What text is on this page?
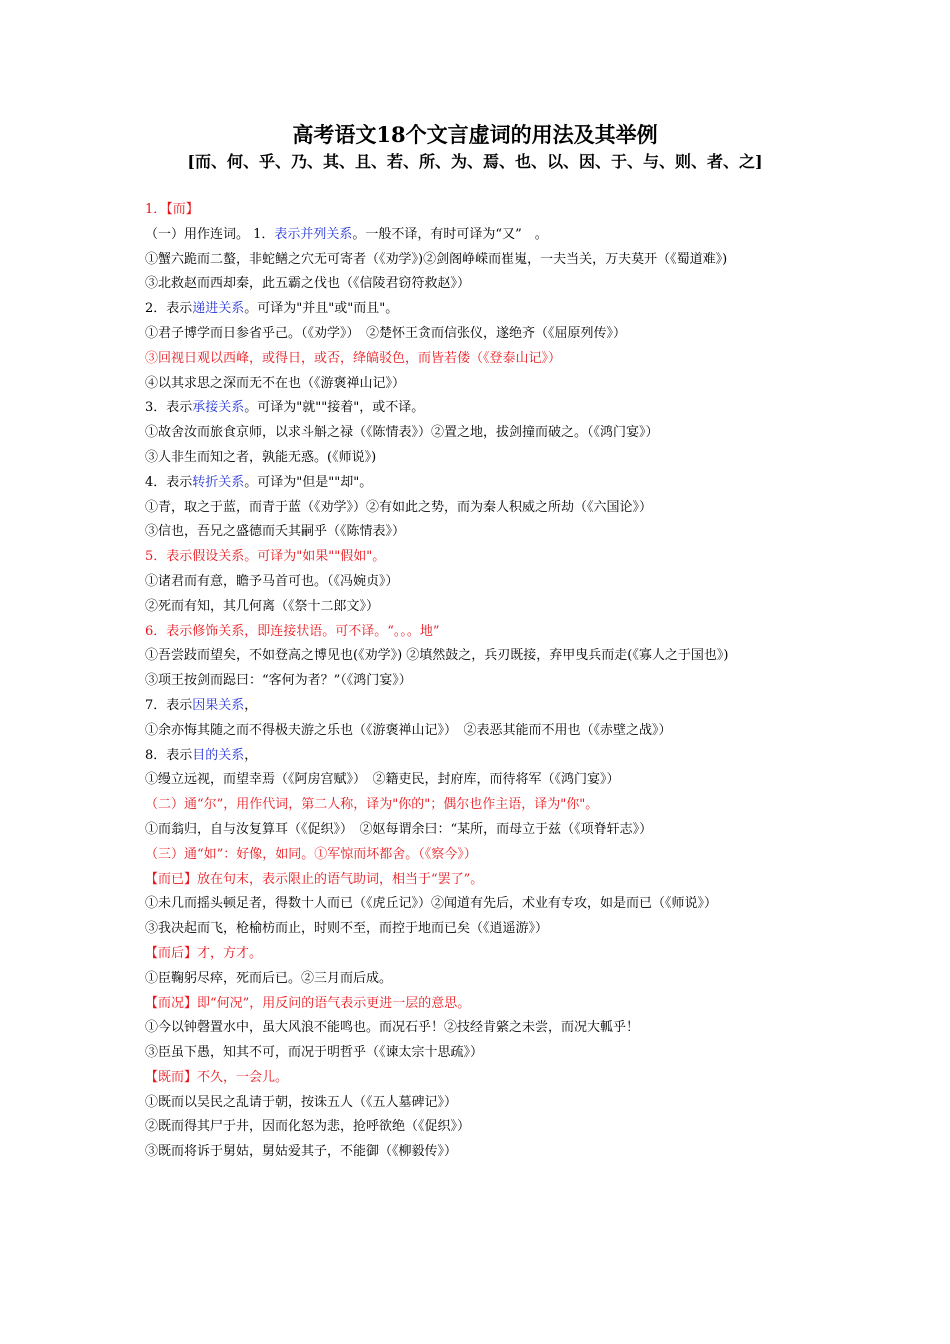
高考语文18个文言虚词的用法及其举例
[而、何、乎、乃、其、且、若、所、为、焉、也、以、因、于、与、则、者、之]
1．【而】
（一）用作连词。 1．表示并列关系。一般不译，有时可译为“又”　。
①蟹六跪而二螯，非蛇鳝之穴无可寄者（《劝学》)②剑阁峥嵘而崔嵬，一夫当关，万夫莫开（《蜀道难》)
③北救赵而西却秦，此五霸之伐也（《信陵君窃符救赵》）
2．表示递进关系。可译为"并且"或"而且"。
①君子博学而日参省乎己。（《劝学》）　②楚怀王贪而信张仪，遂绝齐（《屈原列传》）
③回视日观以西峰，或得日，或否，绛皜驳色，而皆若偻（《登泰山记》）
④以其求思之深而无不在也（《游褒禅山记》）
3．表示承接关系。可译为"就""接着"，或不译。
①故舍汝而旅食京师，以求斗斛之禄（《陈情表》）②置之地，拔剑撞而破之。（《鸿门宴》）
③人非生而知之者，孰能无惑。(《师说》)
4．表示转折关系。可译为"但是""却"。
①青，取之于蓝，而青于蓝（《劝学》）②有如此之势，而为秦人积威之所劫（《六国论》）
③信也，吾兄之盛德而夭其嗣乎（《陈情表》）
5．表示假设关系。可译为"如果""假如"。
①诸君而有意，瞻予马首可也。（《冯婉贞》）
②死而有知，其几何离（《祭十二郎文》）
6．表示修饰关系，即连接状语。可不译。“。。。地”
①吾尝跂而望矣，不如登高之博见也(《劝学》) ②填然鼓之，兵刃既接，弃甲曳兵而走(《寡人之于国也》)
③项王按剑而跽曰：“客何为者？”（《鸿门宴》）
7．表示因果关系，
①余亦悔其随之而不得极夫游之乐也（《游褒禅山记》）　②表恶其能而不用也（《赤壁之战》）
8．表示目的关系，
①缦立远视，而望幸焉（《阿房宫赋》）　②籍吏民，封府库，而待将军（《鸿门宴》）
（二）通“尔”，用作代词，第二人称，译为"你的"；偶尔也作主语，译为"你"。
①而翁归，自与汝复算耳（《促织》）　②妪每谓余曰：“某所，而母立于兹（《项脊轩志》）
（三）通“如”：好像，如同。①军惊而坏都舍。（《察今》）
【而已】放在句末，表示限止的语气助词，相当于“罢了”。
①未几而摇头顿足者，得数十人而已（《虎丘记》）②闻道有先后，术业有专攻，如是而已（《师说》）
③我决起而飞，枪榆枋而止，时则不至，而控于地而已矣（《逍遥游》）
【而后】才，方才。
①臣鞠躬尽瘁，死而后已。②三月而后成。
【而况】即“何况”，用反问的语气表示更进一层的意思。
①今以钟磬置水中，虽大风浪不能鸣也。而况石乎！②技经肯綮之未尝，而况大軱乎！
③臣虽下愚，知其不可，而况于明哲乎（《谏太宗十思疏》）
【既而】不久，一会儿。
①既而以吴民之乱请于朝，按诛五人（《五人墓碑记》）
②既而得其尸于井，因而化怒为悲，抢呼欲绝（《促织》）
③既而将诉于舅姑，舅姑爱其子，不能御（《柳毅传》）
